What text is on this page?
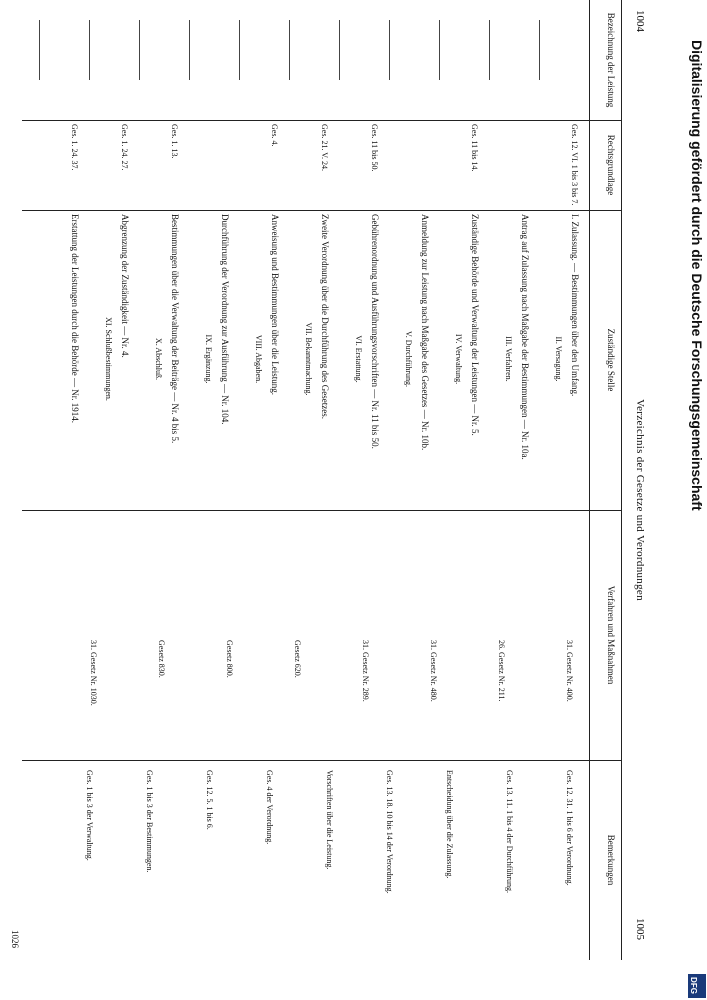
1004
Verzeichnis der Gesetze und Verordnungen
1005
Bezeichnung der Leistung
Rechtsgrundlage
Zuständige Stelle
Verfahren und Maßnahmen
Bemerkungen
Ges. 12. VI. 1 bis 3 bis 7.
I. Zulassung. — Bestimmungen über den Umfang.
II. Versagung.
Antrag auf Zulassung nach Maßgabe der Bestimmungen — Nr. 10a.
III. Verfahren.
Ges. 11 bis 14.
Zuständige Behörde und Verwaltung der Leistungen — Nr. 5.
IV. Verwaltung.
Anmeldung zur Leistung nach Maßgabe des Gesetzes — Nr. 10b.
V. Durchführung.
Ges. 11 bis 50.
Gebührenordnung und Ausführungsvorschriften — Nr. 11 bis 50.
VI. Erstattung.
Ges. 21. V. 24.
Zweite Verordnung über die Durchführung des Gesetzes.
VII. Bekanntmachung.
Ges. 4.
Anweisung und Bestimmungen über die Leistung.
VIII. Abgaben.
Durchführung der Verordnung zur Ausführung — Nr. 104.
IX. Ergänzung.
Ges. 1. 13.
Bestimmungen über die Verwaltung der Beiträge — Nr. 4 bis 5.
X. Abschluß.
Ges. 1. 24. 27.
Abgrenzung der Zuständigkeit — Nr. 4.
XI. Schlußbestimmungen.
Ges. 1. 24. 37.
Erstattung der Leistungen durch die Behörde — Nr. 1914.
31. Gesetz Nr. 400.
26. Gesetz Nr. 211.
31. Gesetz Nr. 480.
31. Gesetz Nr. 289.
Gesetz 620.
Gesetz 800.
Gesetz 830.
31. Gesetz Nr. 1030.
Ges. 12. 31. 1 bis 6 der Verordnung.
Ges. 13. 11. 1 bis 4 der Durchführung.
Entscheidung über die Zulassung.
Ges. 13. 18. 10 bis 14 der Verordnung.
Vorschriften über die Leistung.
Ges. 4 der Verordnung.
Ges. 12. 5. 1 bis 6.
Ges. 1 bis 3 der Bestimmungen.
Ges. 1 bis 3 der Verwaltung.
1026
Digitalisierung gefördert durch die Deutsche Forschungsgemeinschaft
DFG
